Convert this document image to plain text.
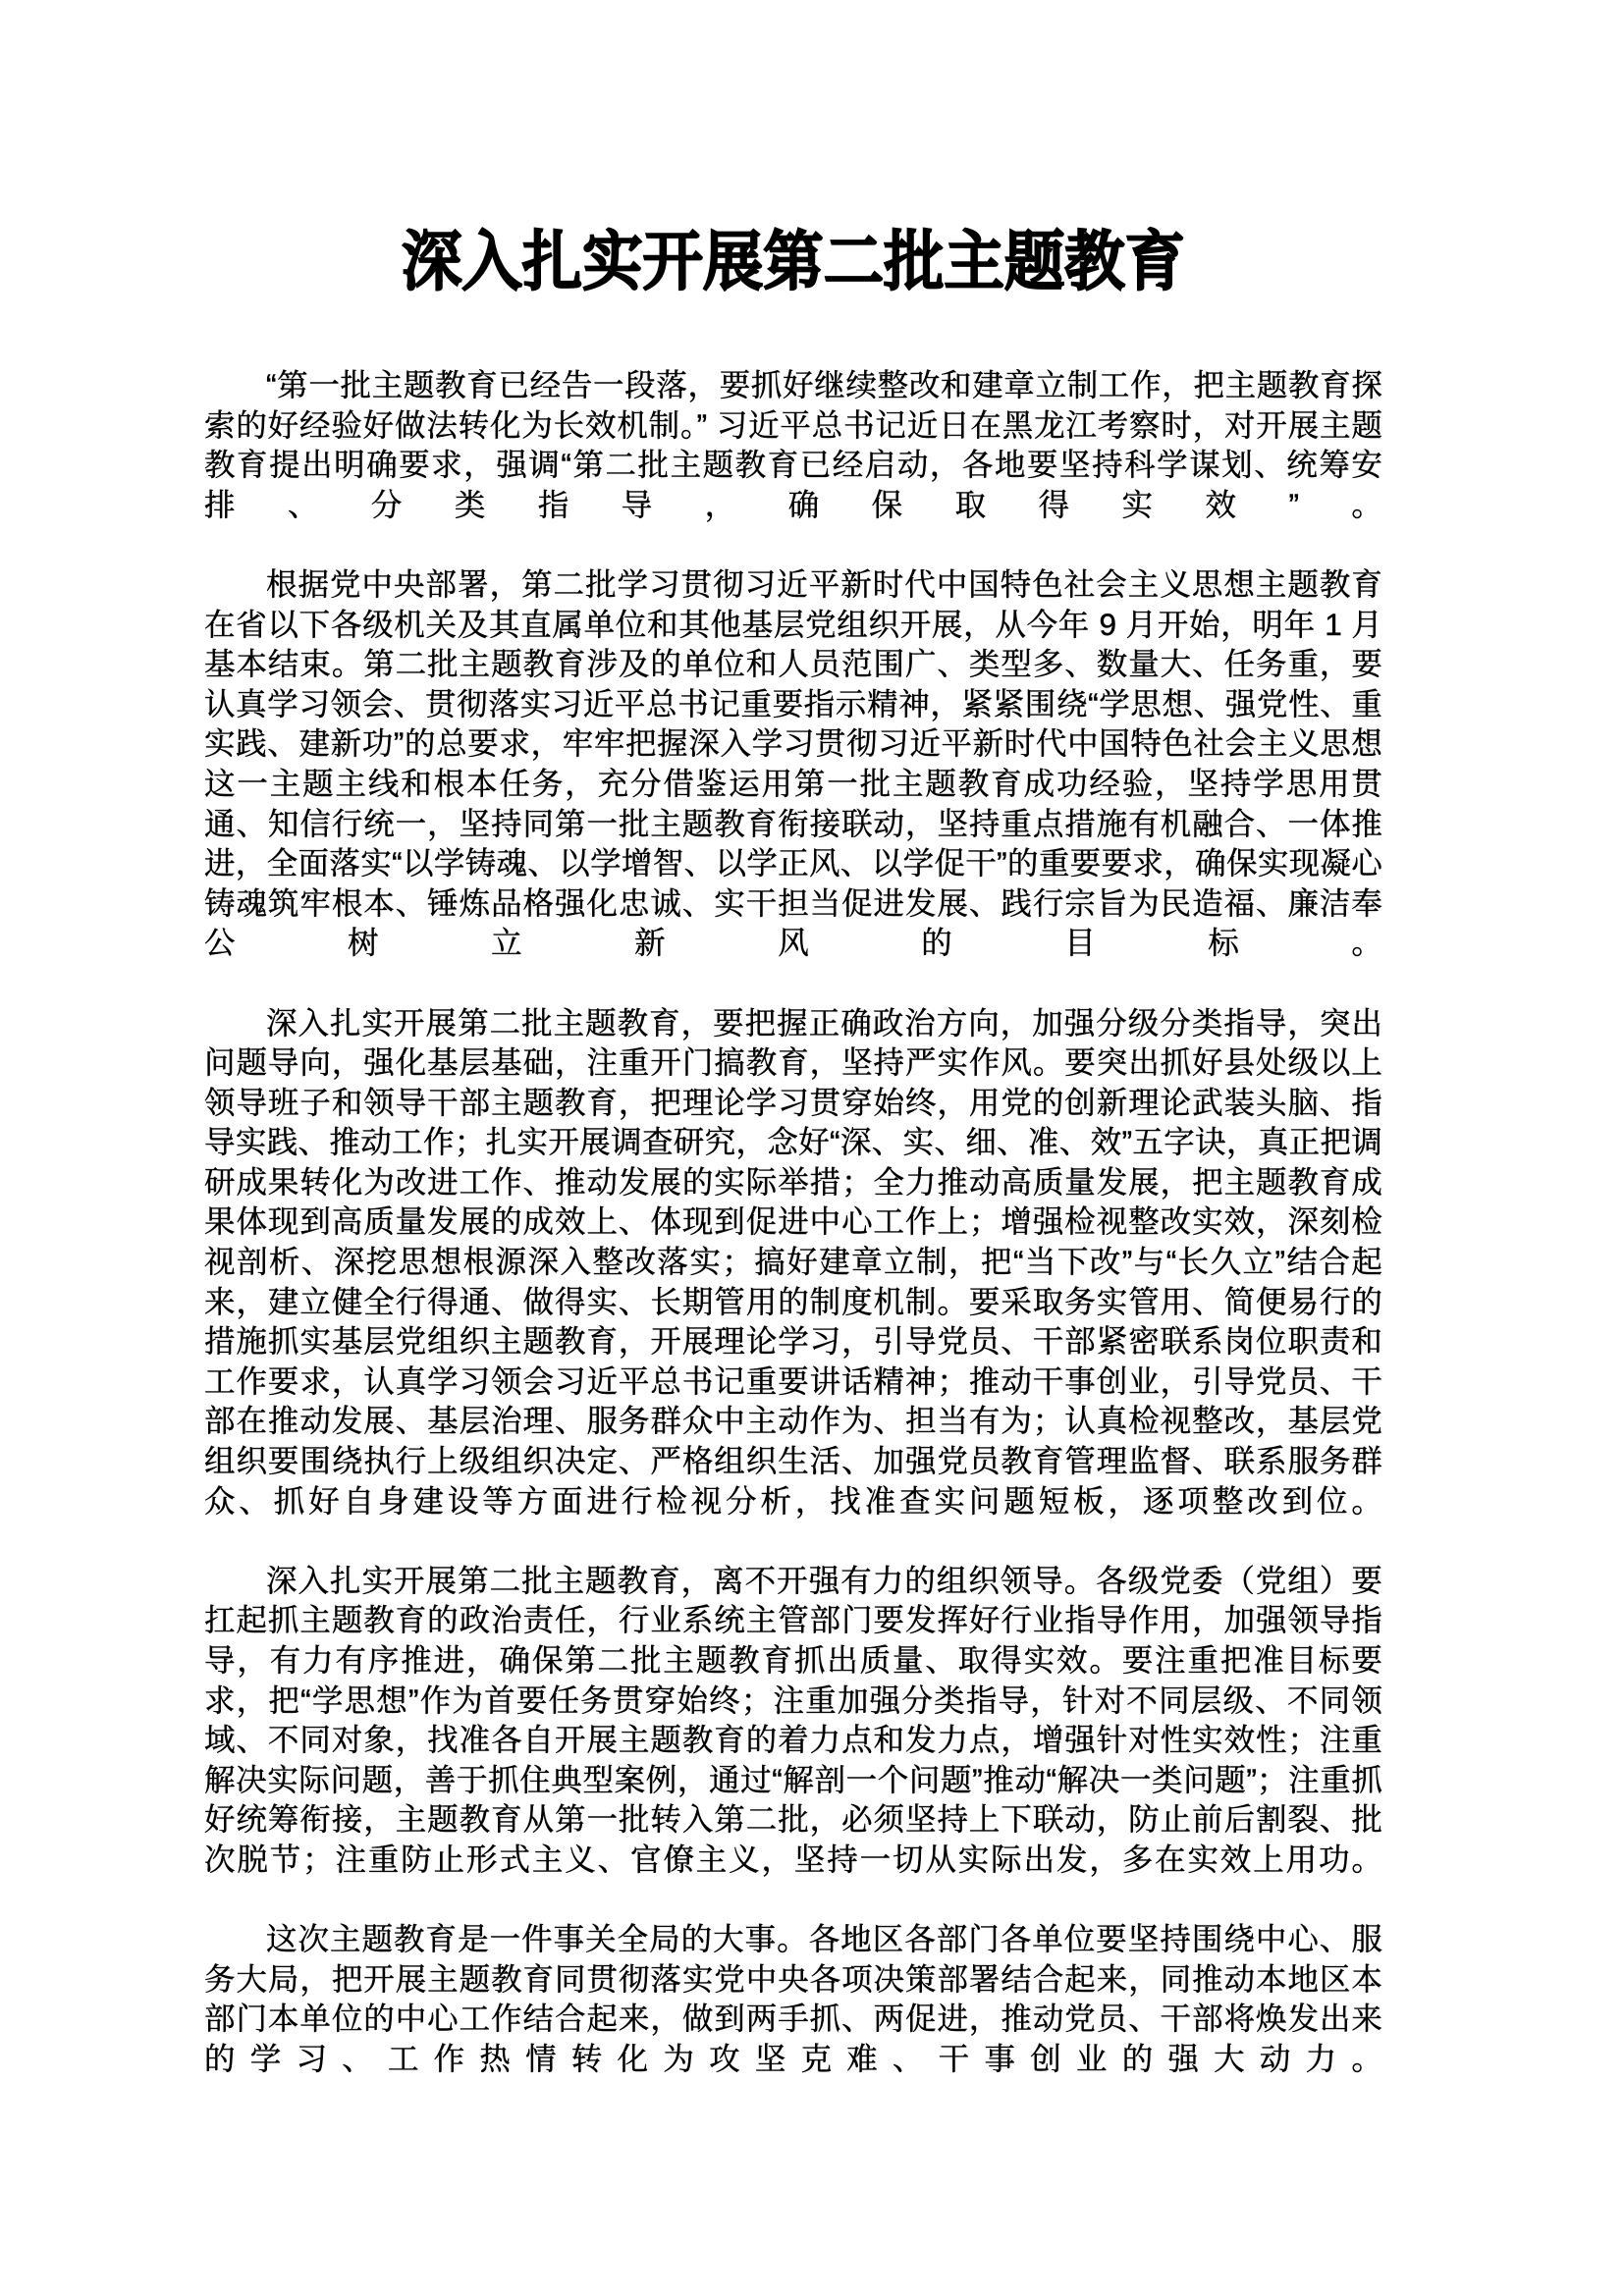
深入扎实开展第二批主题教育

“第一批主题教育已经告一段落，要抓好继续整改和建章立制工作，把主题教育探索的好经验好做法转化为长效机制。” 习近平总书记近日在黑龙江考察时，对开展主题教育提出明确要求，强调“第二批主题教育已经启动，各地要坚持科学谋划、统筹安排、分类指导，确保取得实效”。

根据党中央部署，第二批学习贯彻习近平新时代中国特色社会主义思想主题教育在省以下各级机关及其直属单位和其他基层党组织开展，从今年 9 月开始，明年 1 月基本结束。第二批主题教育涉及的单位和人员范围广、类型多、数量大、任务重，要认真学习领会、贯彻落实习近平总书记重要指示精神，紧紧围绕“学思想、强党性、重实践、建新功”的总要求，牢牢把握深入学习贯彻习近平新时代中国特色社会主义思想这一主题主线和根本任务，充分借鉴运用第一批主题教育成功经验，坚持学思用贯通、知信行统一，坚持同第一批主题教育衔接联动，坚持重点措施有机融合、一体推进，全面落实“以学铸魂、以学增智、以学正风、以学促干”的重要要求，确保实现凝心铸魂筑牢根本、锤炼品格强化忠诚、实干担当促进发展、践行宗旨为民造福、廉洁奉公树立新风的目标。

深入扎实开展第二批主题教育，要把握正确政治方向，加强分级分类指导，突出问题导向，强化基层基础，注重开门搞教育，坚持严实作风。要突出抓好县处级以上领导班子和领导干部主题教育，把理论学习贯穿始终，用党的创新理论武装头脑、指导实践、推动工作；扎实开展调查研究，念好“深、实、细、准、效”五字诀，真正把调研成果转化为改进工作、推动发展的实际举措；全力推动高质量发展，把主题教育成果体现到高质量发展的成效上、体现到促进中心工作上；增强检视整改实效，深刻检视剖析、深挖思想根源深入整改落实；搞好建章立制，把“当下改”与“长久立”结合起来，建立健全行得通、做得实、长期管用的制度机制。要采取务实管用、简便易行的措施抓实基层党组织主题教育，开展理论学习，引导党员、干部紧密联系岗位职责和工作要求，认真学习领会习近平总书记重要讲话精神；推动干事创业，引导党员、干部在推动发展、基层治理、服务群众中主动作为、担当有为；认真检视整改，基层党组织要围绕执行上级组织决定、严格组织生活、加强党员教育管理监督、联系服务群众、抓好自身建设等方面进行检视分析，找准查实问题短板，逐项整改到位。

深入扎实开展第二批主题教育，离不开强有力的组织领导。各级党委（党组）要扛起抓主题教育的政治责任，行业系统主管部门要发挥好行业指导作用，加强领导指导，有力有序推进，确保第二批主题教育抓出质量、取得实效。要注重把准目标要求，把“学思想”作为首要任务贯穿始终；注重加强分类指导，针对不同层级、不同领域、不同对象，找准各自开展主题教育的着力点和发力点，增强针对性实效性；注重解决实际问题，善于抓住典型案例，通过“解剖一个问题”推动“解决一类问题”；注重抓好统筹衔接，主题教育从第一批转入第二批，必须坚持上下联动，防止前后割裂、批次脱节；注重防止形式主义、官僚主义，坚持一切从实际出发，多在实效上用功。

这次主题教育是一件事关全局的大事。各地区各部门各单位要坚持围绕中心、服务大局，把开展主题教育同贯彻落实党中央各项决策部署结合起来，同推动本地区本部门本单位的中心工作结合起来，做到两手抓、两促进，推动党员、干部将焕发出来的学习、工作热情转化为攻坚克难、干事创业的强大动力。
